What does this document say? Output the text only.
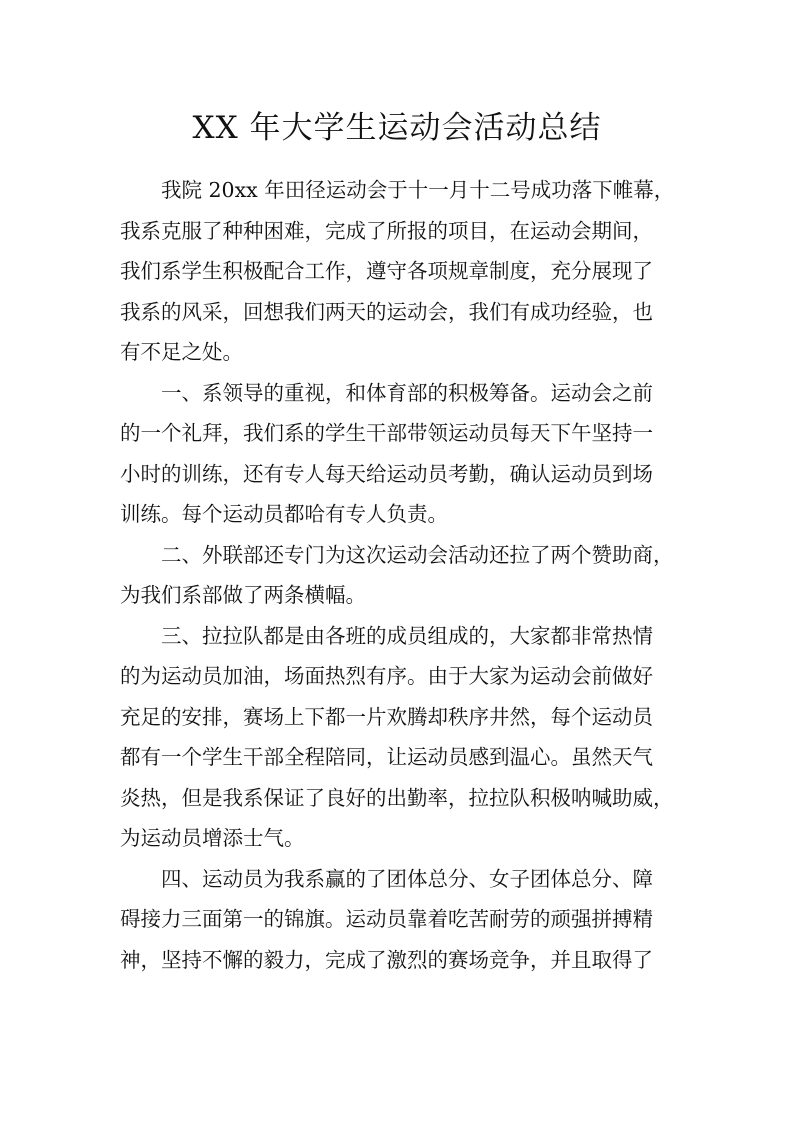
XX 年大学生运动会活动总结

我院 20xx 年田径运动会于十一月十二号成功落下帷幕，
我系克服了种种困难，完成了所报的项目，在运动会期间，
我们系学生积极配合工作，遵守各项规章制度，充分展现了
我系的风采，回想我们两天的运动会，我们有成功经验，也
有不足之处。

一、系领导的重视，和体育部的积极筹备。运动会之前
的一个礼拜，我们系的学生干部带领运动员每天下午坚持一
小时的训练，还有专人每天给运动员考勤，确认运动员到场
训练。每个运动员都哈有专人负责。

二、外联部还专门为这次运动会活动还拉了两个赞助商，
为我们系部做了两条横幅。

三、拉拉队都是由各班的成员组成的，大家都非常热情
的为运动员加油，场面热烈有序。由于大家为运动会前做好
充足的安排，赛场上下都一片欢腾却秩序井然，每个运动员
都有一个学生干部全程陪同，让运动员感到温心。虽然天气
炎热，但是我系保证了良好的出勤率，拉拉队积极呐喊助威，
为运动员增添士气。

四、运动员为我系赢的了团体总分、女子团体总分、障
碍接力三面第一的锦旗。运动员靠着吃苦耐劳的顽强拼搏精
神，坚持不懈的毅力，完成了激烈的赛场竞争，并且取得了
